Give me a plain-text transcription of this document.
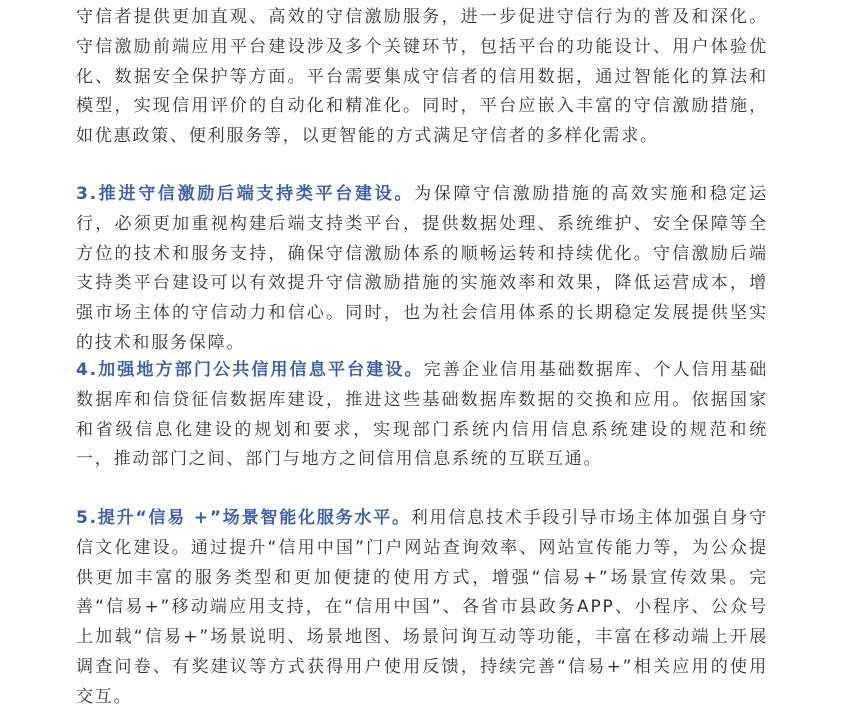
守信者提供更加直观、高效的守信激励服务，进一步促进守信行为的普及和深化。守信激励前端应用平台建设涉及多个关键环节，包括平台的功能设计、用户体验优化、数据安全保护等方面。平台需要集成守信者的信用数据，通过智能化的算法和模型，实现信用评价的自动化和精准化。同时，平台应嵌入丰富的守信激励措施，如优惠政策、便利服务等，以更智能的方式满足守信者的多样化需求。

3.推进守信激励后端支持类平台建设。为保障守信激励措施的高效实施和稳定运行，必须更加重视构建后端支持类平台，提供数据处理、系统维护、安全保障等全方位的技术和服务支持，确保守信激励体系的顺畅运转和持续优化。守信激励后端支持类平台建设可以有效提升守信激励措施的实施效率和效果，降低运营成本，增强市场主体的守信动力和信心。同时，也为社会信用体系的长期稳定发展提供坚实的技术和服务保障。

4.加强地方部门公共信用信息平台建设。完善企业信用基础数据库、个人信用基础数据库和信贷征信数据库建设，推进这些基础数据库数据的交换和应用。依据国家和省级信息化建设的规划和要求，实现部门系统内信用信息系统建设的规范和统一，推动部门之间、部门与地方之间信用信息系统的互联互通。

5.提升“信易 +”场景智能化服务水平。利用信息技术手段引导市场主体加强自身守信文化建设。通过提升“信用中国”门户网站查询效率、网站宣传能力等，为公众提供更加丰富的服务类型和更加便捷的使用方式，增强“信易+”场景宣传效果。完善“信易+”移动端应用支持，在“信用中国”、各省市县政务APP、小程序、公众号上加载“信易+”场景说明、场景地图、场景问询互动等功能，丰富在移动端上开展调查问卷、有奖建议等方式获得用户使用反馈，持续完善“信易+”相关应用的使用交互。
